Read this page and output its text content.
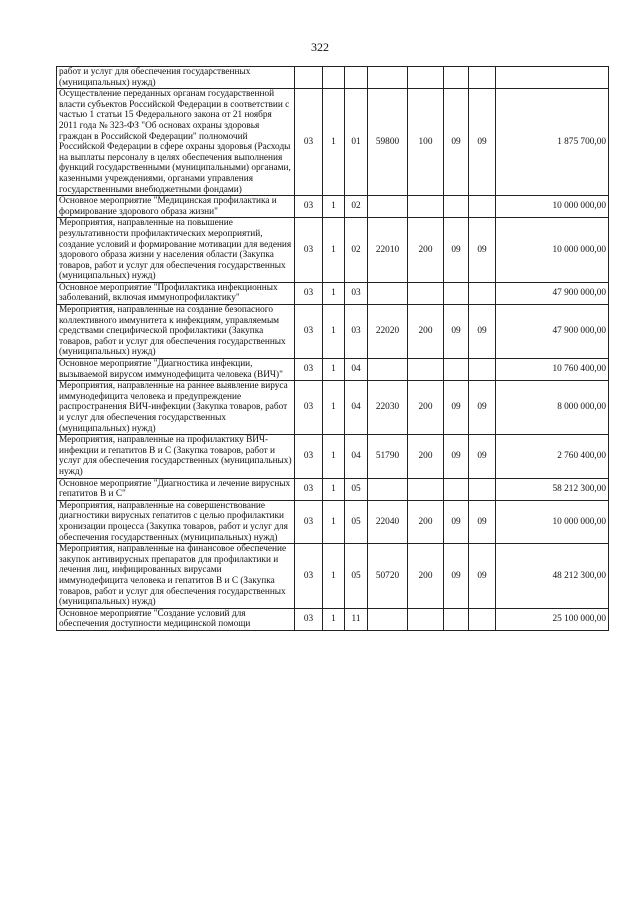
322
работ и услуг для обеспечения государственных (муниципальных) нужд)								
Осуществление переданных органам государственной власти субъектов Российской Федерации в соответствии с частью 1 статьи 15 Федерального закона от 21 ноября 2011 года № 323-ФЗ "Об основах охраны здоровья граждан в Российской Федерации" полномочий Российской Федерации в сфере охраны здоровья (Расходы на выплаты персоналу в целях обеспечения выполнения функций государственными (муниципальными) органами, казенными учреждениями, органами управления государственными внебюджетными фондами)	03	1	01	59800	100	09	09	1 875 700,00
Основное мероприятие "Медицинская профилактика и формирование здорового образа жизни"	03	1	02					10 000 000,00
Мероприятия, направленные на повышение результативности профилактических мероприятий, создание условий и формирование мотивации для ведения здорового образа жизни у населения области (Закупка товаров, работ и услуг для обеспечения государственных (муниципальных) нужд)	03	1	02	22010	200	09	09	10 000 000,00
Основное мероприятие "Профилактика инфекционных заболеваний, включая иммунопрофилактику"	03	1	03					47 900 000,00
Мероприятия, направленные на создание безопасного коллективного иммунитета к инфекциям, управляемым средствами специфической профилактики (Закупка товаров, работ и услуг для обеспечения государственных (муниципальных) нужд)	03	1	03	22020	200	09	09	47 900 000,00
Основное мероприятие "Диагностика инфекции, вызываемой вирусом иммунодефицита человека (ВИЧ)"	03	1	04					10 760 400,00
Мероприятия, направленные на раннее выявление вируса иммунодефицита человека и предупреждение распространения ВИЧ-инфекции (Закупка товаров, работ и услуг для обеспечения государственных (муниципальных) нужд)	03	1	04	22030	200	09	09	8 000 000,00
Мероприятия, направленные на профилактику ВИЧ-инфекции и гепатитов B и C (Закупка товаров, работ и услуг для обеспечения государственных (муниципальных) нужд)	03	1	04	51790	200	09	09	2 760 400,00
Основное мероприятие "Диагностика и лечение вирусных гепатитов B и C"	03	1	05					58 212 300,00
Мероприятия, направленные на совершенствование диагностики вирусных гепатитов с целью профилактики хронизации процесса (Закупка товаров, работ и услуг для обеспечения государственных (муниципальных) нужд)	03	1	05	22040	200	09	09	10 000 000,00
Мероприятия, направленные на финансовое обеспечение закупок антивирусных препаратов для профилактики и лечения лиц, инфицированных вирусами иммунодефицита человека и гепатитов B и C (Закупка товаров, работ и услуг для обеспечения государственных (муниципальных) нужд)	03	1	05	50720	200	09	09	48 212 300,00
Основное мероприятие "Создание условий для обеспечения доступности медицинской помощи	03	1	11					25 100 000,00
